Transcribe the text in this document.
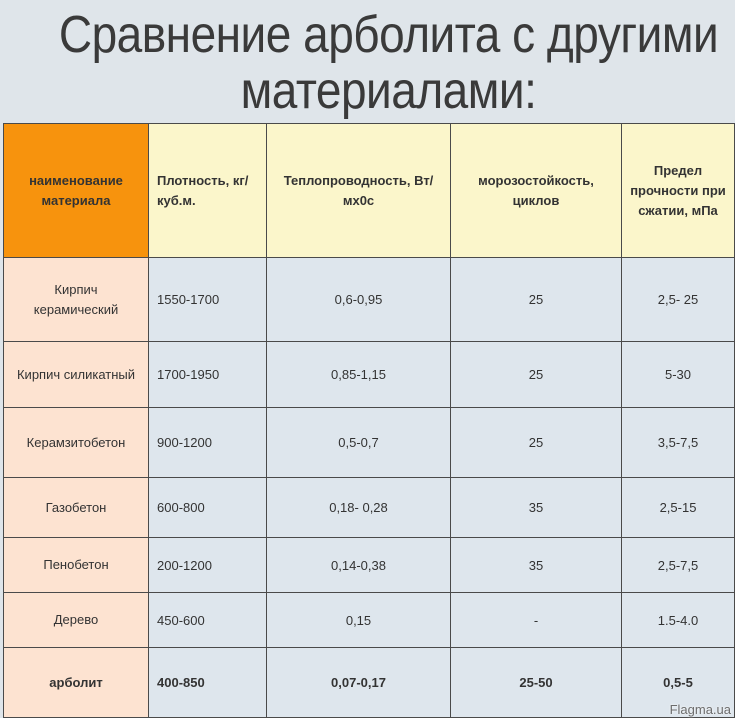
Сравнение арболита с другими
материалами:
наименование материала	Плотность, кг/куб.м.	Теплопроводность, Вт/мх0с	морозостойкость, циклов	Предел прочности при сжатии, мПа
Кирпич керамический	1550-1700	0,6-0,95	25	2,5- 25
Кирпич силикатный	1700-1950	0,85-1,15	25	5-30
Керамзитобетон	900-1200	0,5-0,7	25	3,5-7,5
Газобетон	600-800	0,18- 0,28	35	2,5-15
Пенобетон	200-1200	0,14-0,38	35	2,5-7,5
Дерево	450-600	0,15	-	1.5-4.0
арболит	400-850	0,07-0,17	25-50	0,5-5
Flagma.ua
